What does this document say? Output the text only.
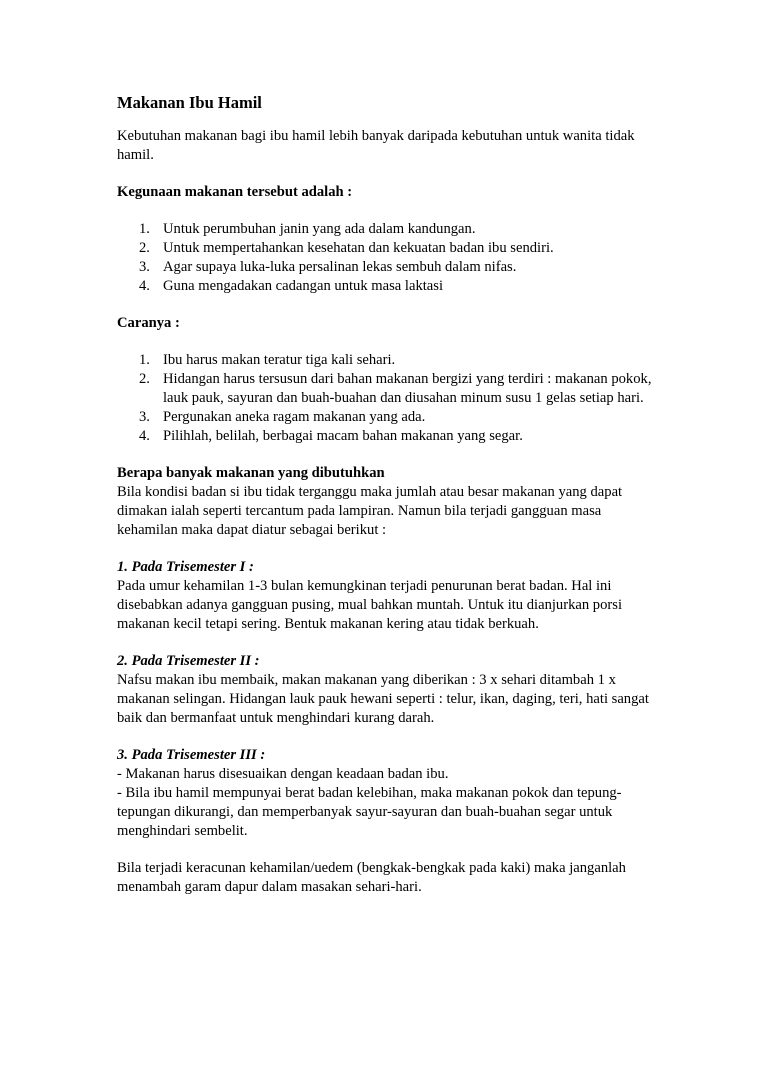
Makanan Ibu Hamil

Kebutuhan makanan bagi ibu hamil lebih banyak daripada kebutuhan untuk wanita tidak hamil.

Kegunaan makanan tersebut adalah :

1. Untuk perumbuhan janin yang ada dalam kandungan.
2. Untuk mempertahankan kesehatan dan kekuatan badan ibu sendiri.
3. Agar supaya luka-luka persalinan lekas sembuh dalam nifas.
4. Guna mengadakan cadangan untuk masa laktasi

Caranya :

1. Ibu harus makan teratur tiga kali sehari.
2. Hidangan harus tersusun dari bahan makanan bergizi yang terdiri : makanan pokok, lauk pauk, sayuran dan buah-buahan dan diusahan minum susu 1 gelas setiap hari.
3. Pergunakan aneka ragam makanan yang ada.
4. Pilihlah, belilah, berbagai macam bahan makanan yang segar.

Berapa banyak makanan yang dibutuhkan

Bila kondisi badan si ibu tidak terganggu maka jumlah atau besar makanan yang dapat dimakan ialah seperti tercantum pada lampiran. Namun bila terjadi gangguan masa kehamilan maka dapat diatur sebagai berikut :

1. Pada Trisemester I :

Pada umur kehamilan 1-3 bulan kemungkinan terjadi penurunan berat badan. Hal ini disebabkan adanya gangguan pusing, mual bahkan muntah. Untuk itu dianjurkan porsi makanan kecil tetapi sering. Bentuk makanan kering atau tidak berkuah.

2. Pada Trisemester II :

Nafsu makan ibu membaik, makan makanan yang diberikan : 3 x sehari ditambah 1 x makanan selingan. Hidangan lauk pauk hewani seperti : telur, ikan, daging, teri, hati sangat baik dan bermanfaat untuk menghindari kurang darah.

3. Pada Trisemester III :

- Makanan harus disesuaikan dengan keadaan badan ibu.

- Bila ibu hamil mempunyai berat badan kelebihan, maka makanan pokok dan tepung-tepungan dikurangi, dan memperbanyak sayur-sayuran dan buah-buahan segar untuk menghindari sembelit.

Bila terjadi keracunan kehamilan/uedem (bengkak-bengkak pada kaki) maka janganlah menambah garam dapur dalam masakan sehari-hari.
